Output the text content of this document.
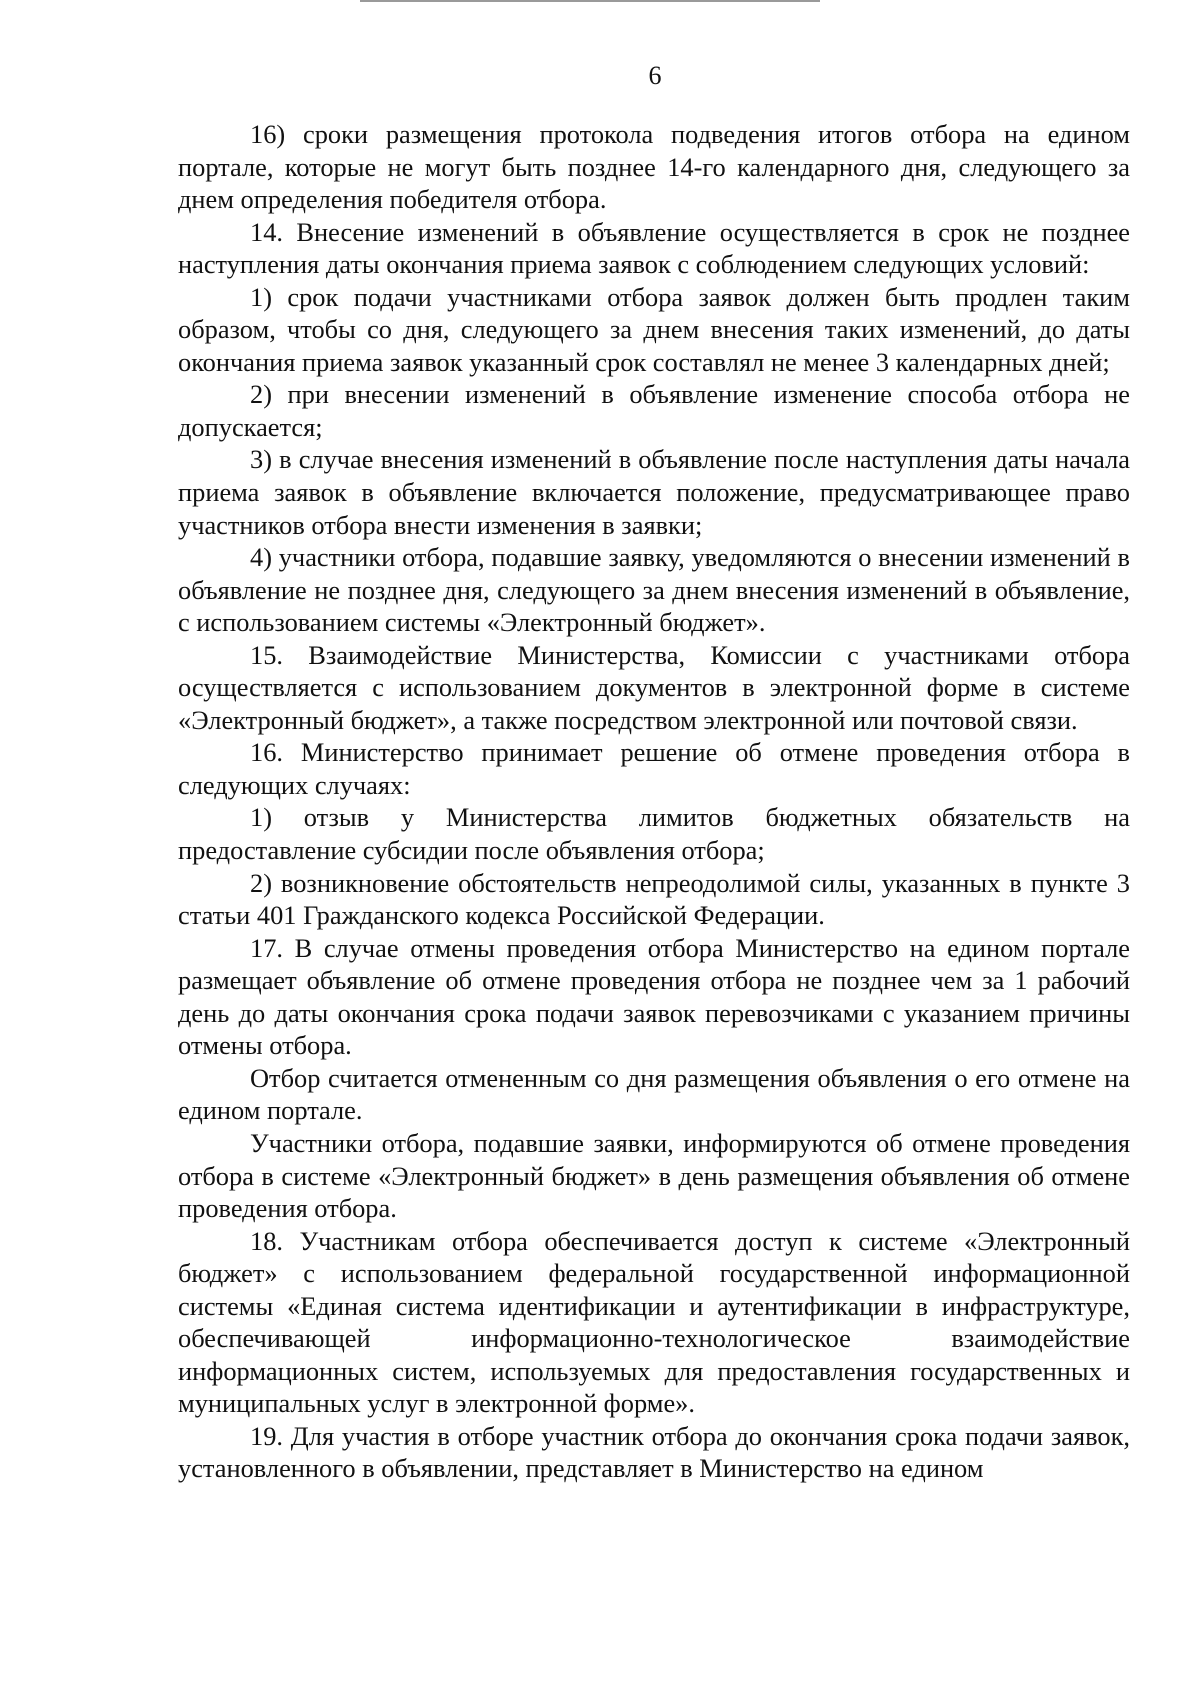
6

16) сроки размещения протокола подведения итогов отбора на едином портале, которые не могут быть позднее 14-го календарного дня, следующего за днем определения победителя отбора.

14. Внесение изменений в объявление осуществляется в срок не позднее наступления даты окончания приема заявок с соблюдением следующих условий:

1) срок подачи участниками отбора заявок должен быть продлен таким образом, чтобы со дня, следующего за днем внесения таких изменений, до даты окончания приема заявок указанный срок составлял не менее 3 календарных дней;

2) при внесении изменений в объявление изменение способа отбора не допускается;

3) в случае внесения изменений в объявление после наступления даты начала приема заявок в объявление включается положение, предусматривающее право участников отбора внести изменения в заявки;

4) участники отбора, подавшие заявку, уведомляются о внесении изменений в объявление не позднее дня, следующего за днем внесения изменений в объявление, с использованием системы «Электронный бюджет».

15. Взаимодействие Министерства, Комиссии с участниками отбора осуществляется с использованием документов в электронной форме в системе «Электронный бюджет», а также посредством электронной или почтовой связи.

16. Министерство принимает решение об отмене проведения отбора в следующих случаях:

1) отзыв у Министерства лимитов бюджетных обязательств на предоставление субсидии после объявления отбора;

2) возникновение обстоятельств непреодолимой силы, указанных в пункте 3 статьи 401 Гражданского кодекса Российской Федерации.

17. В случае отмены проведения отбора Министерство на едином портале размещает объявление об отмене проведения отбора не позднее чем за 1 рабочий день до даты окончания срока подачи заявок перевозчиками с указанием причины отмены отбора.

Отбор считается отмененным со дня размещения объявления о его отмене на едином портале.

Участники отбора, подавшие заявки, информируются об отмене проведения отбора в системе «Электронный бюджет» в день размещения объявления об отмене проведения отбора.

18. Участникам отбора обеспечивается доступ к системе «Электронный бюджет» с использованием федеральной государственной информационной системы «Единая система идентификации и аутентификации в инфраструктуре, обеспечивающей информационно-технологическое взаимодействие информационных систем, используемых для предоставления государственных и муниципальных услуг в электронной форме».

19. Для участия в отборе участник отбора до окончания срока подачи заявок, установленного в объявлении, представляет в Министерство на едином
